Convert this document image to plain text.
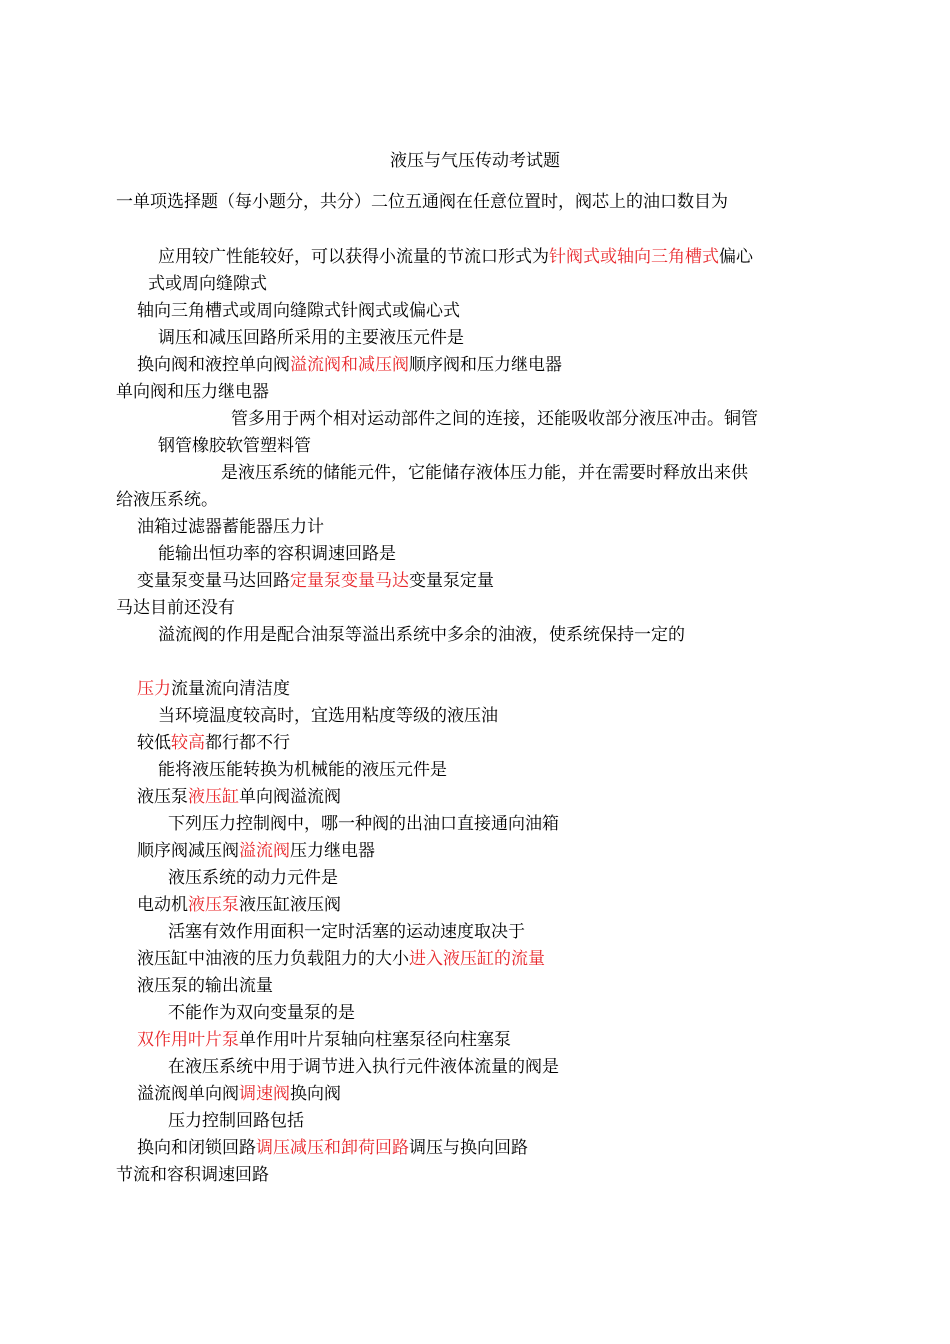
液压与气压传动考试题
一单项选择题（每小题分，共分）二位五通阀在任意位置时，阀芯上的油口数目为
应用较广性能较好，可以获得小流量的节流口形式为针阀式或轴向三角槽式偏心
式或周向缝隙式
轴向三角槽式或周向缝隙式针阀式或偏心式
调压和减压回路所采用的主要液压元件是
换向阀和液控单向阀溢流阀和减压阀顺序阀和压力继电器
单向阀和压力继电器
管多用于两个相对运动部件之间的连接，还能吸收部分液压冲击。铜管
钢管橡胶软管塑料管
是液压系统的储能元件，它能储存液体压力能，并在需要时释放出来供
给液压系统。
油箱过滤器蓄能器压力计
能输出恒功率的容积调速回路是
变量泵变量马达回路定量泵变量马达变量泵定量
马达目前还没有
溢流阀的作用是配合油泵等溢出系统中多余的油液，使系统保持一定的
压力流量流向清洁度
当环境温度较高时，宜选用粘度等级的液压油
较低较高都行都不行
能将液压能转换为机械能的液压元件是
液压泵液压缸单向阀溢流阀
下列压力控制阀中，哪一种阀的出油口直接通向油箱
顺序阀减压阀溢流阀压力继电器
液压系统的动力元件是
电动机液压泵液压缸液压阀
活塞有效作用面积一定时活塞的运动速度取决于
液压缸中油液的压力负载阻力的大小进入液压缸的流量
液压泵的输出流量
不能作为双向变量泵的是
双作用叶片泵单作用叶片泵轴向柱塞泵径向柱塞泵
在液压系统中用于调节进入执行元件液体流量的阀是
溢流阀单向阀调速阀换向阀
压力控制回路包括
换向和闭锁回路调压减压和卸荷回路调压与换向回路
节流和容积调速回路
